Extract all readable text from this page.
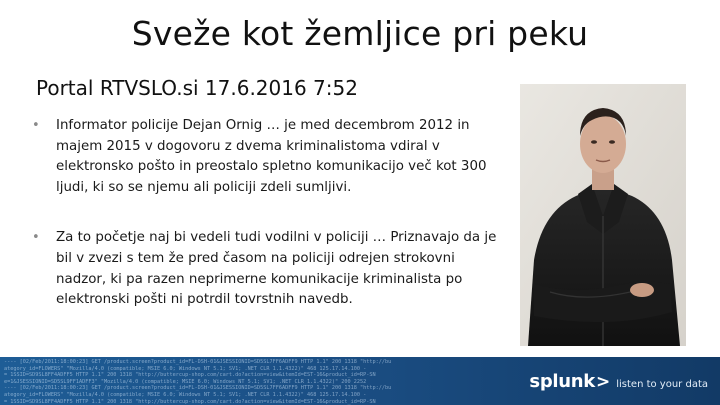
Sveže kot žemljice pri peku
Portal RTVSLO.si 17.6.2016 7:52
• Informator policije Dejan Ornig … je med decembrom 2012 in majem 2015 v dogovoru z dvema kriminalistoma vdiral v elektronsko pošto in preostalo spletno komunikacijo več kot 300 ljudi, ki so se njemu ali policiji zdeli sumljivi.
• Za to početje naj bi vedeli tudi vodilni v policiji … Priznavajo da je bil v zvezi s tem že pred časom na policiji odrejen strokovni nadzor, ki pa razen neprimerne komunikacije kriminalista po elektronski pošti ni potrdil tovrstnih navedb.
---- [02/Feb/2011:18:00:23] GET /product.screen?product_id=FL-DSH-01&JSESSIONID=SD5SL7FF6ADFF9 HTTP 1.1" 200 1318 "http://bu
ategory_id=FLOWERS" "Mozilla/4.0 (compatible; MSIE 6.0; Windows NT 5.1; SV1; .NET CLR 1.1.4322)" 468 125.17.14.100 -
= 1SSID=SD9SL8FF4ADFF5 HTTP 1.1" 200 1318 "http://buttercup-shop.com/cart.do?action=view&itemId=EST-16&product_id=RP-SN
e=1&JSESSIONID=SD5SL9FF1ADFF3" "Mozilla/4.0 (compatible; MSIE 6.0; Windows NT 5.1; SV1; .NET CLR 1.1.4322)" 200 2252
---- [02/Feb/2011:18:00:23] GET /product.screen?product_id=FL-DSH-01&JSESSIONID=SD5SL7FF6ADFF9 HTTP 1.1" 200 1318 "http://bu
ategory_id=FLOWERS" "Mozilla/4.0 (compatible; MSIE 6.0; Windows NT 5.1; SV1; .NET CLR 1.1.4322)" 468 125.17.14.100 -
= 1SSID=SD9SL8FF4ADFF5 HTTP 1.1" 200 1318 "http://buttercup-shop.com/cart.do?action=view&itemId=EST-16&product_id=RP-SN
splunk > listen to your data
